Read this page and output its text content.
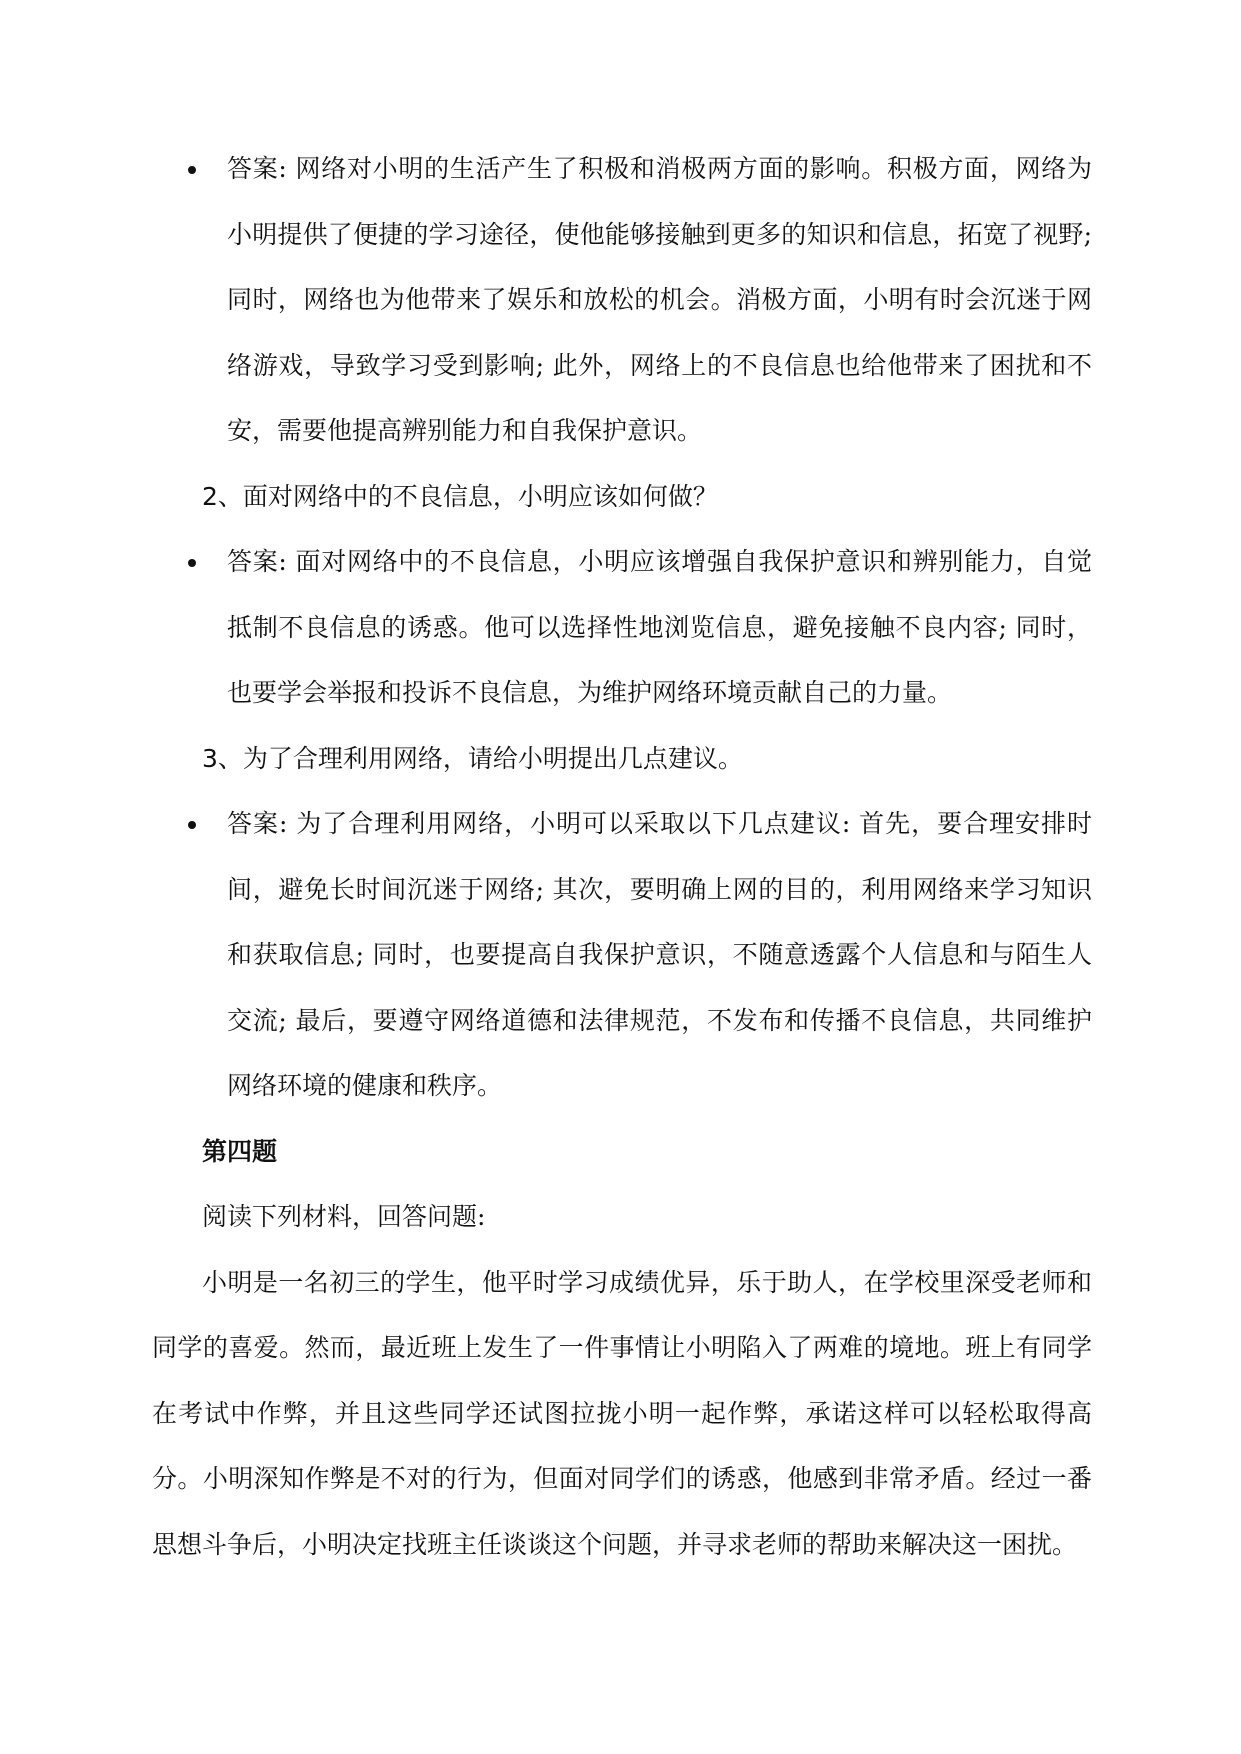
答案: 网络对小明的生活产生了积极和消极两方面的影响。积极方面，网络为小明提供了便捷的学习途径，使他能够接触到更多的知识和信息，拓宽了视野; 同时，网络也为他带来了娱乐和放松的机会。消极方面，小明有时会沉迷于网络游戏，导致学习受到影响; 此外，网络上的不良信息也给他带来了困扰和不安，需要他提高辨别能力和自我保护意识。
2、面对网络中的不良信息，小明应该如何做？
答案: 面对网络中的不良信息，小明应该增强自我保护意识和辨别能力，自觉抵制不良信息的诱惑。他可以选择性地浏览信息，避免接触不良内容; 同时，也要学会举报和投诉不良信息，为维护网络环境贡献自己的力量。
3、为了合理利用网络，请给小明提出几点建议。
答案: 为了合理利用网络，小明可以采取以下几点建议: 首先，要合理安排时间，避免长时间沉迷于网络; 其次，要明确上网的目的，利用网络来学习知识和获取信息; 同时，也要提高自我保护意识，不随意透露个人信息和与陌生人交流; 最后，要遵守网络道德和法律规范，不发布和传播不良信息，共同维护网络环境的健康和秩序。
第四题
阅读下列材料，回答问题:
小明是一名初三的学生，他平时学习成绩优异，乐于助人，在学校里深受老师和同学的喜爱。然而，最近班上发生了一件事情让小明陷入了两难的境地。班上有同学在考试中作弊，并且这些同学还试图拉拢小明一起作弊，承诺这样可以轻松取得高分。小明深知作弊是不对的行为，但面对同学们的诱惑，他感到非常矛盾。经过一番思想斗争后，小明决定找班主任谈谈这个问题，并寻求老师的帮助来解决这一困扰。
